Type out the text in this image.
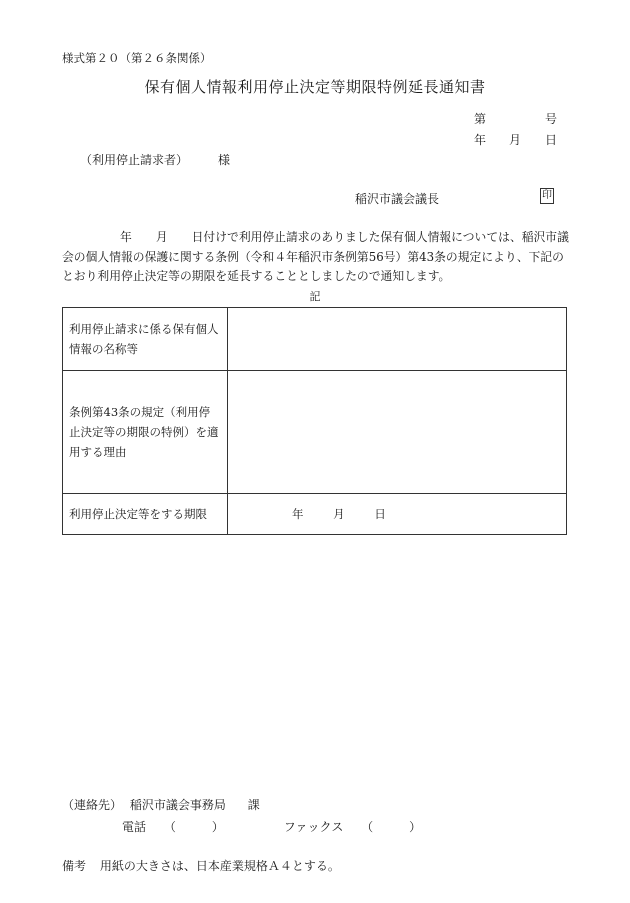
様式第２０（第２６条関係）
保有個人情報利用停止決定等期限特例延長通知書
第	号
年 月 日
（利用停止請求者）	様
稲沢市議会議長	印
年 月 日付けで利用停止請求のありました保有個人情報については、稲沢市議会の個人情報の保護に関する条例（令和４年稲沢市条例第56号）第43条の規定により、下記のとおり利用停止決定等の期限を延長することとしましたので通知します。
記
利用停止請求に係る保有個人情報の名称等	
条例第43条の規定（利用停止決定等の期限の特例）を適用する理由	
利用停止決定等をする期限	年 月 日
（連絡先） 稲沢市議会事務局 課
電話 （　　　）	ファックス （　　　）
備考 用紙の大きさは、日本産業規格Ａ４とする。
